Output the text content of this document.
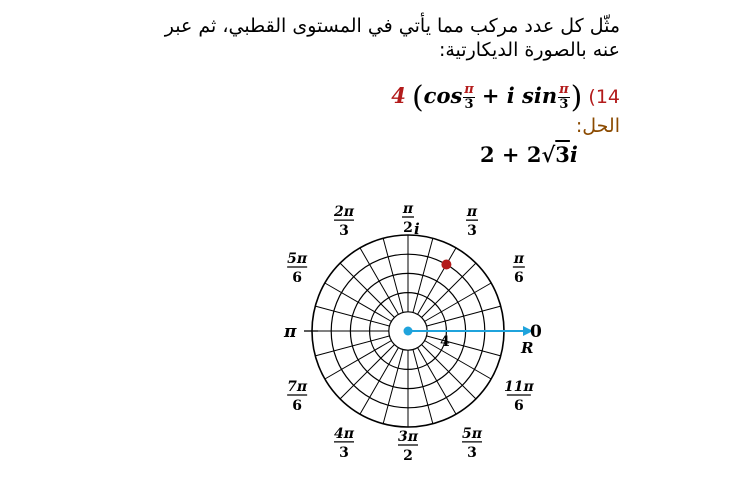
مثّل كل عدد مركب مما يأتي في المستوى القطبي، ثم عبر
عنه بالصورة الديكارتية:
4 ($\cos \frac{\pi}{3} + i$ $\sin \frac{\pi}{3}$ ) (14
الحل:
2 + 2√3i
π
2
π
3
π
6
2π
3
5π
6
7π
6
4π
3
3π
2
5π
3
11π
6
0
R
i
4
π
